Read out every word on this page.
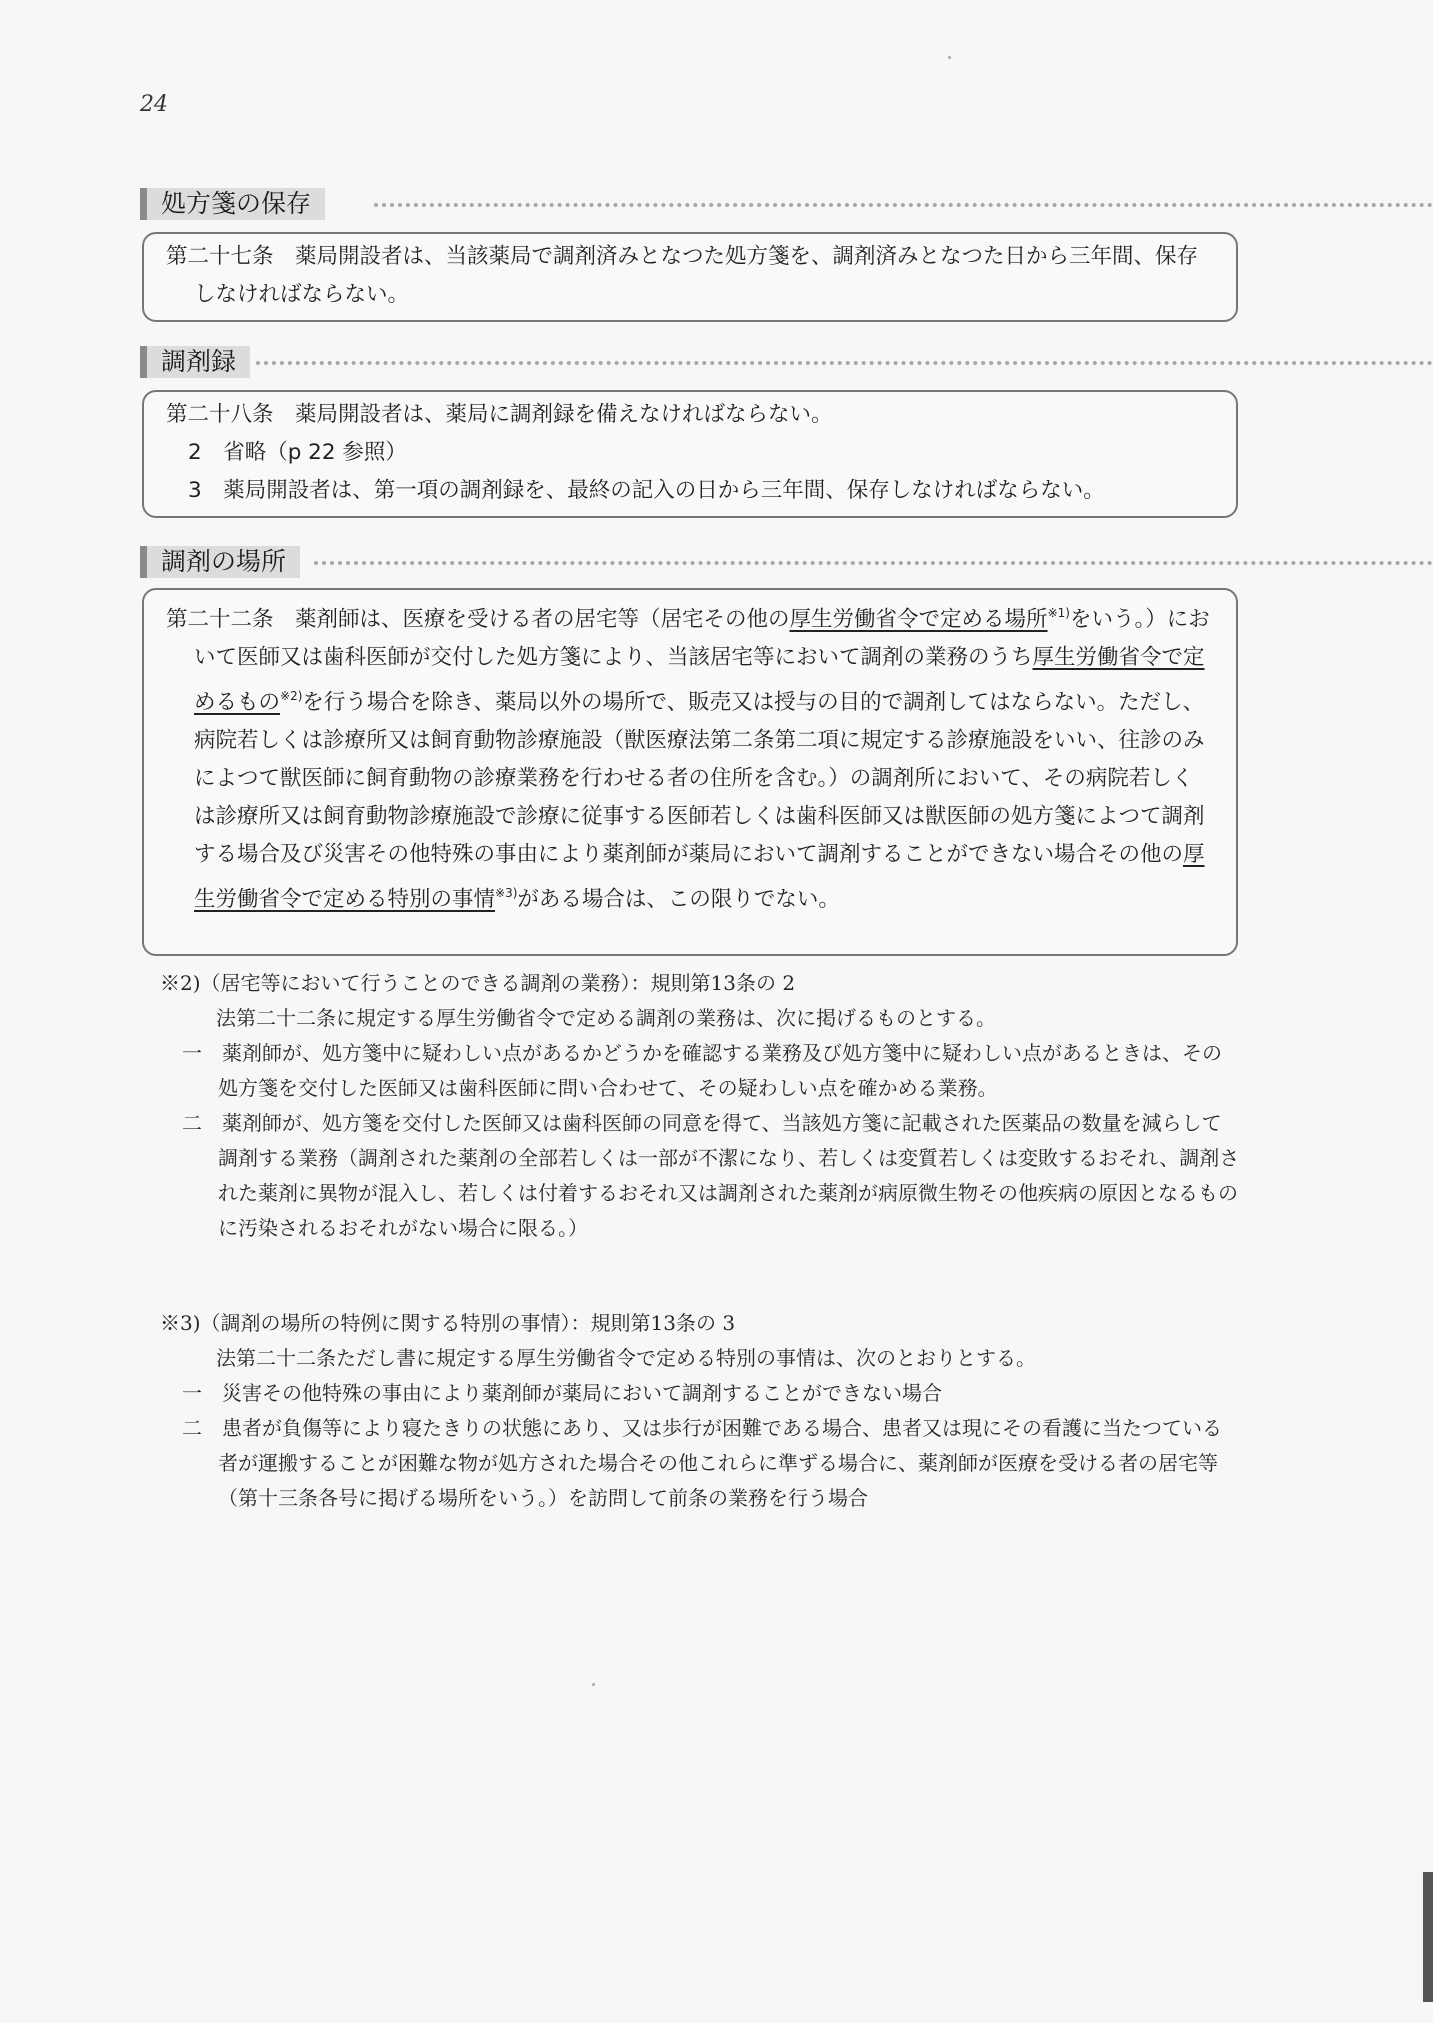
24
処方箋の保存

第二十七条　 薬局開設者は、当該薬局で調剤済みとなつた処方箋を、調剤済みとなつた日から三年間、保存しなければならない。

調剤録

第二十八条　 薬局開設者は、薬局に調剤録を備えなければならない。

2　 省略（p 22 参照）

3　 薬局開設者は、第一項の調剤録を、最終の記入の日から三年間、保存しなければならない。

調剤の場所

第二十二条　 薬剤師は、医療を受ける者の居宅等（居宅その他の厚生労働省令で定める場所$^{※1)}$をいう。）において医師又は歯科医師が交付した処方箋により、当該居宅等において調剤の業務のうち厚生労働省令で定めるもの$^{※2)}$を行う場合を除き、薬局以外の場所で、販売又は授与の目的で調剤してはならない。ただし、病院若しくは診療所又は飼育動物診療施設（獣医療法第二条第二項に規定する診療施設をいい、往診のみによつて獣医師に飼育動物の診療業務を行わせる者の住所を含む。）の調剤所において、その病院若しくは診療所又は飼育動物診療施設で診療に従事する医師若しくは歯科医師又は獣医師の処方箋によつて調剤する場合及び災害その他特殊の事由により薬剤師が薬局において調剤することができない場合その他の厚生労働省令で定める特別の事情$^{※3)}$がある場合は、この限りでない。

※2)（居宅等において行うことのできる調剤の業務）：規則第13条の 2

法第二十二条に規定する厚生労働省令で定める調剤の業務は、次に掲げるものとする。

一　薬剤師が、処方箋中に疑わしい点があるかどうかを確認する業務及び処方箋中に疑わしい点があるときは、その処方箋を交付した医師又は歯科医師に問い合わせて、その疑わしい点を確かめる業務。

二　薬剤師が、処方箋を交付した医師又は歯科医師の同意を得て、当該処方箋に記載された医薬品の数量を減らして調剤する業務（調剤された薬剤の全部若しくは一部が不潔になり、若しくは変質若しくは変敗するおそれ、調剤された薬剤に異物が混入し、若しくは付着するおそれ又は調剤された薬剤が病原微生物その他疾病の原因となるものに汚染されるおそれがない場合に限る。）

※3)（調剤の場所の特例に関する特別の事情）：規則第13条の 3

法第二十二条ただし書に規定する厚生労働省令で定める特別の事情は、次のとおりとする。

一　災害その他特殊の事由により薬剤師が薬局において調剤することができない場合

二　患者が負傷等により寝たきりの状態にあり、又は歩行が困難である場合、患者又は現にその看護に当たつている者が運搬することが困難な物が処方された場合その他これらに準ずる場合に、薬剤師が医療を受ける者の居宅等（第十三条各号に掲げる場所をいう。）を訪問して前条の業務を行う場合
